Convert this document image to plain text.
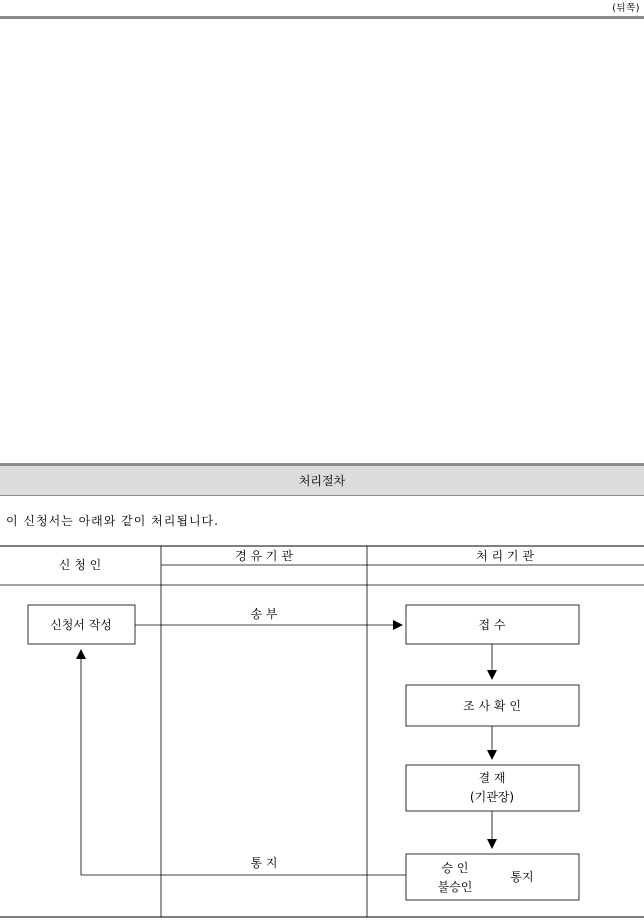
(뒤쪽)
처리절차
이 신청서는 아래와 같이 처리됩니다.
신 청 인
경 유 기 관	처 리 기 관
신청서 작성	접 수
조 사 확 인
결 재
(기관장)
승 인
불승인
통지
송 부
통 지
